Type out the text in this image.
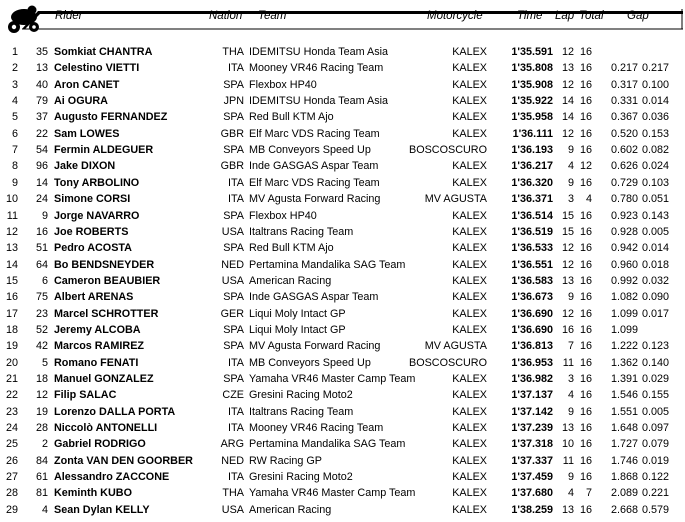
Rider	Nation Team	Motorcycle	Time Lap Total Gap
1	35 Somkiat CHANTRA	THA IDEMITSU Honda Team Asia	KALEX	1'35.591 12 16
2	13 Celestino VIETTI	ITA Mooney VR46 Racing Team	KALEX	1'35.808 13 16	0.217 0.217
3	40 Aron CANET	SPA Flexbox HP40	KALEX	1'35.908 12 16	0.317 0.100
4	79 Ai OGURA	JPN IDEMITSU Honda Team Asia	KALEX	1'35.922 14 16	0.331 0.014
5	37 Augusto FERNANDEZ	SPA Red Bull KTM Ajo	KALEX	1'35.958 14 16	0.367 0.036
6	22 Sam LOWES	GBR Elf Marc VDS Racing Team	KALEX	1'36.111 12 16	0.520 0.153
7	54 Fermin ALDEGUER	SPA MB Conveyors Speed Up	BOSCOSCURO	1'36.193	9 16	0.602 0.082
8	96 Jake DIXON	GBR Inde GASGAS Aspar Team	KALEX	1'36.217	4 12	0.626 0.024
9	14 Tony ARBOLINO	ITA Elf Marc VDS Racing Team	KALEX	1'36.320	9 16	0.729 0.103
10	24 Simone CORSI	ITA MV Agusta Forward Racing	MV AGUSTA	1'36.371	3	4	0.780 0.051
11	9 Jorge NAVARRO	SPA Flexbox HP40	KALEX	1'36.514 15 16	0.923 0.143
12	16 Joe ROBERTS	USA Italtrans Racing Team	KALEX	1'36.519 15 16	0.928 0.005
13	51 Pedro ACOSTA	SPA Red Bull KTM Ajo	KALEX	1'36.533 12 16	0.942 0.014
14	64 Bo BENDSNEYDER	NED Pertamina Mandalika SAG Team	KALEX	1'36.551 12 16	0.960 0.018
15	6 Cameron BEAUBIER	USA American Racing	KALEX	1'36.583 13 16	0.992 0.032
16	75 Albert ARENAS	SPA Inde GASGAS Aspar Team	KALEX	1'36.673	9 16	1.082 0.090
17	23 Marcel SCHROTTER	GER Liqui Moly Intact GP	KALEX	1'36.690 12 16	1.099 0.017
18	52 Jeremy ALCOBA	SPA Liqui Moly Intact GP	KALEX	1'36.690 16 16	1.099
19	42 Marcos RAMIREZ	SPA MV Agusta Forward Racing	MV AGUSTA	1'36.813	7 16	1.222 0.123
20	5 Romano FENATI	ITA MB Conveyors Speed Up	BOSCOSCURO	1'36.953 11 16	1.362 0.140
21	18 Manuel GONZALEZ	SPA Yamaha VR46 Master Camp Team	KALEX	1'36.982	3 16	1.391 0.029
22	12 Filip SALAC	CZE Gresini Racing Moto2	KALEX	1'37.137	4 16	1.546 0.155
23	19 Lorenzo DALLA PORTA	ITA Italtrans Racing Team	KALEX	1'37.142	9 16	1.551 0.005
24	28 Niccolò ANTONELLI	ITA Mooney VR46 Racing Team	KALEX	1'37.239 13 16	1.648 0.097
25	2 Gabriel RODRIGO	ARG Pertamina Mandalika SAG Team	KALEX	1'37.318 10 16	1.727 0.079
26	84 Zonta VAN DEN GOORBER	NED RW Racing GP	KALEX	1'37.337 11 16	1.746 0.019
27	61 Alessandro ZACCONE	ITA Gresini Racing Moto2	KALEX	1'37.459	9 16	1.868 0.122
28	81 Keminth KUBO	THA Yamaha VR46 Master Camp Team	KALEX	1'37.680	4	7	2.089 0.221
29	4 Sean Dylan KELLY	USA American Racing	KALEX	1'38.259 13 16	2.668 0.579
